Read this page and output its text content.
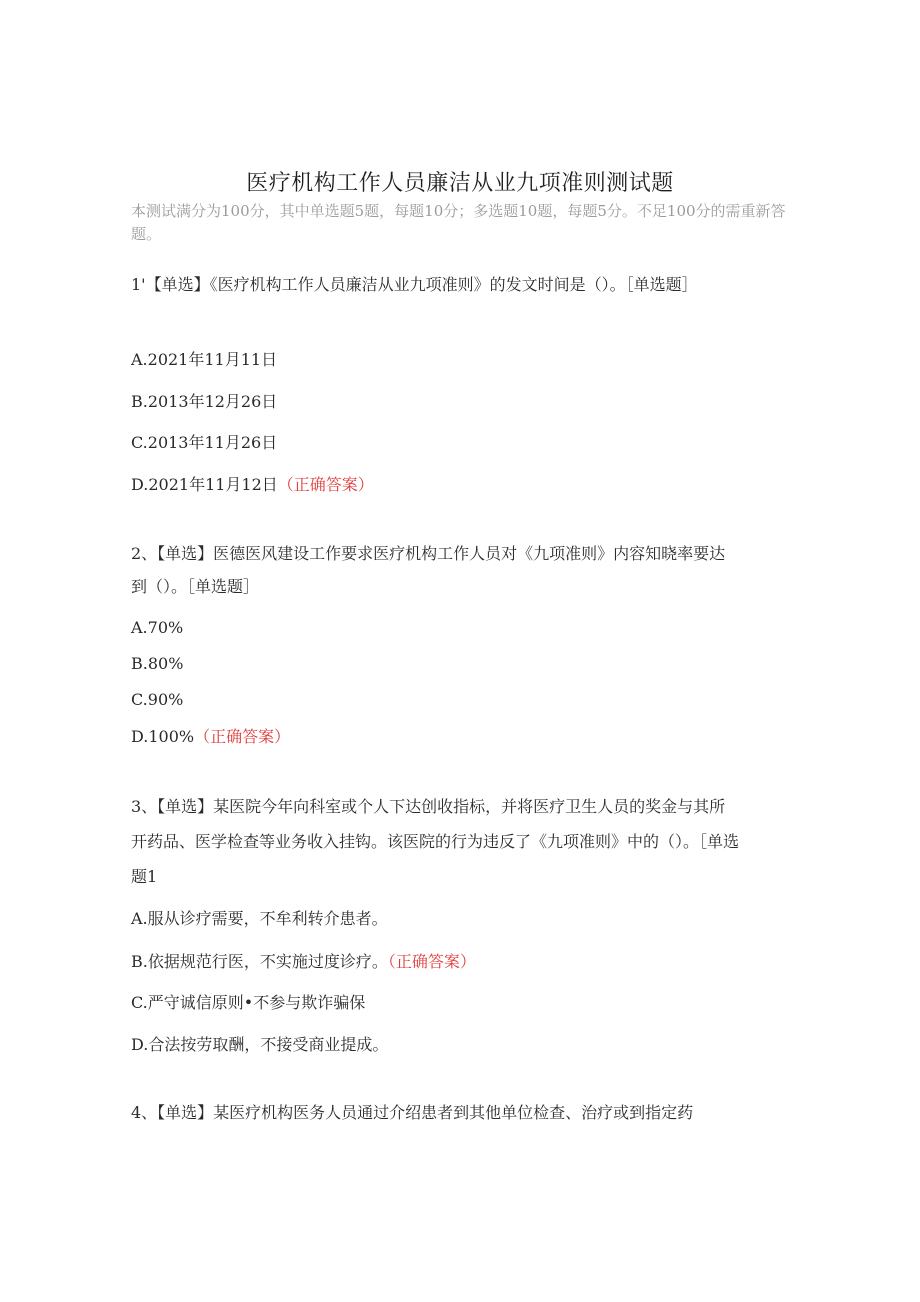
医疗机构工作人员廉洁从业九项准则测试题
本测试满分为100分，其中单选题5题，每题10分；多选题10题，每题5分。不足100分的需重新答题。
1'【单选】《医疗机构工作人员廉洁从业九项准则》的发文时间是（）。［单选题］
A.2021年11月11日
B.2013年12月26日
C.2013年11月26日
D.2021年11月12日（正确答案）
2、【单选】医德医风建设工作要求医疗机构工作人员对《九项准则》内容知晓率要达到（）。［单选题］
A.70%
B.80%
C.90%
D.100%（正确答案）
3、【单选】某医院今年向科室或个人下达创收指标，并将医疗卫生人员的奖金与其所开药品、医学检查等业务收入挂钩。该医院的行为违反了《九项准则》中的（）。［单选题1
A.服从诊疗需要，不牟利转介患者。
B.依据规范行医，不实施过度诊疗。（正确答案）
C.严守诚信原则•不参与欺诈骗保
D.合法按劳取酬，不接受商业提成。
4、【单选】某医疗机构医务人员通过介绍患者到其他单位检查、治疗或到指定药
